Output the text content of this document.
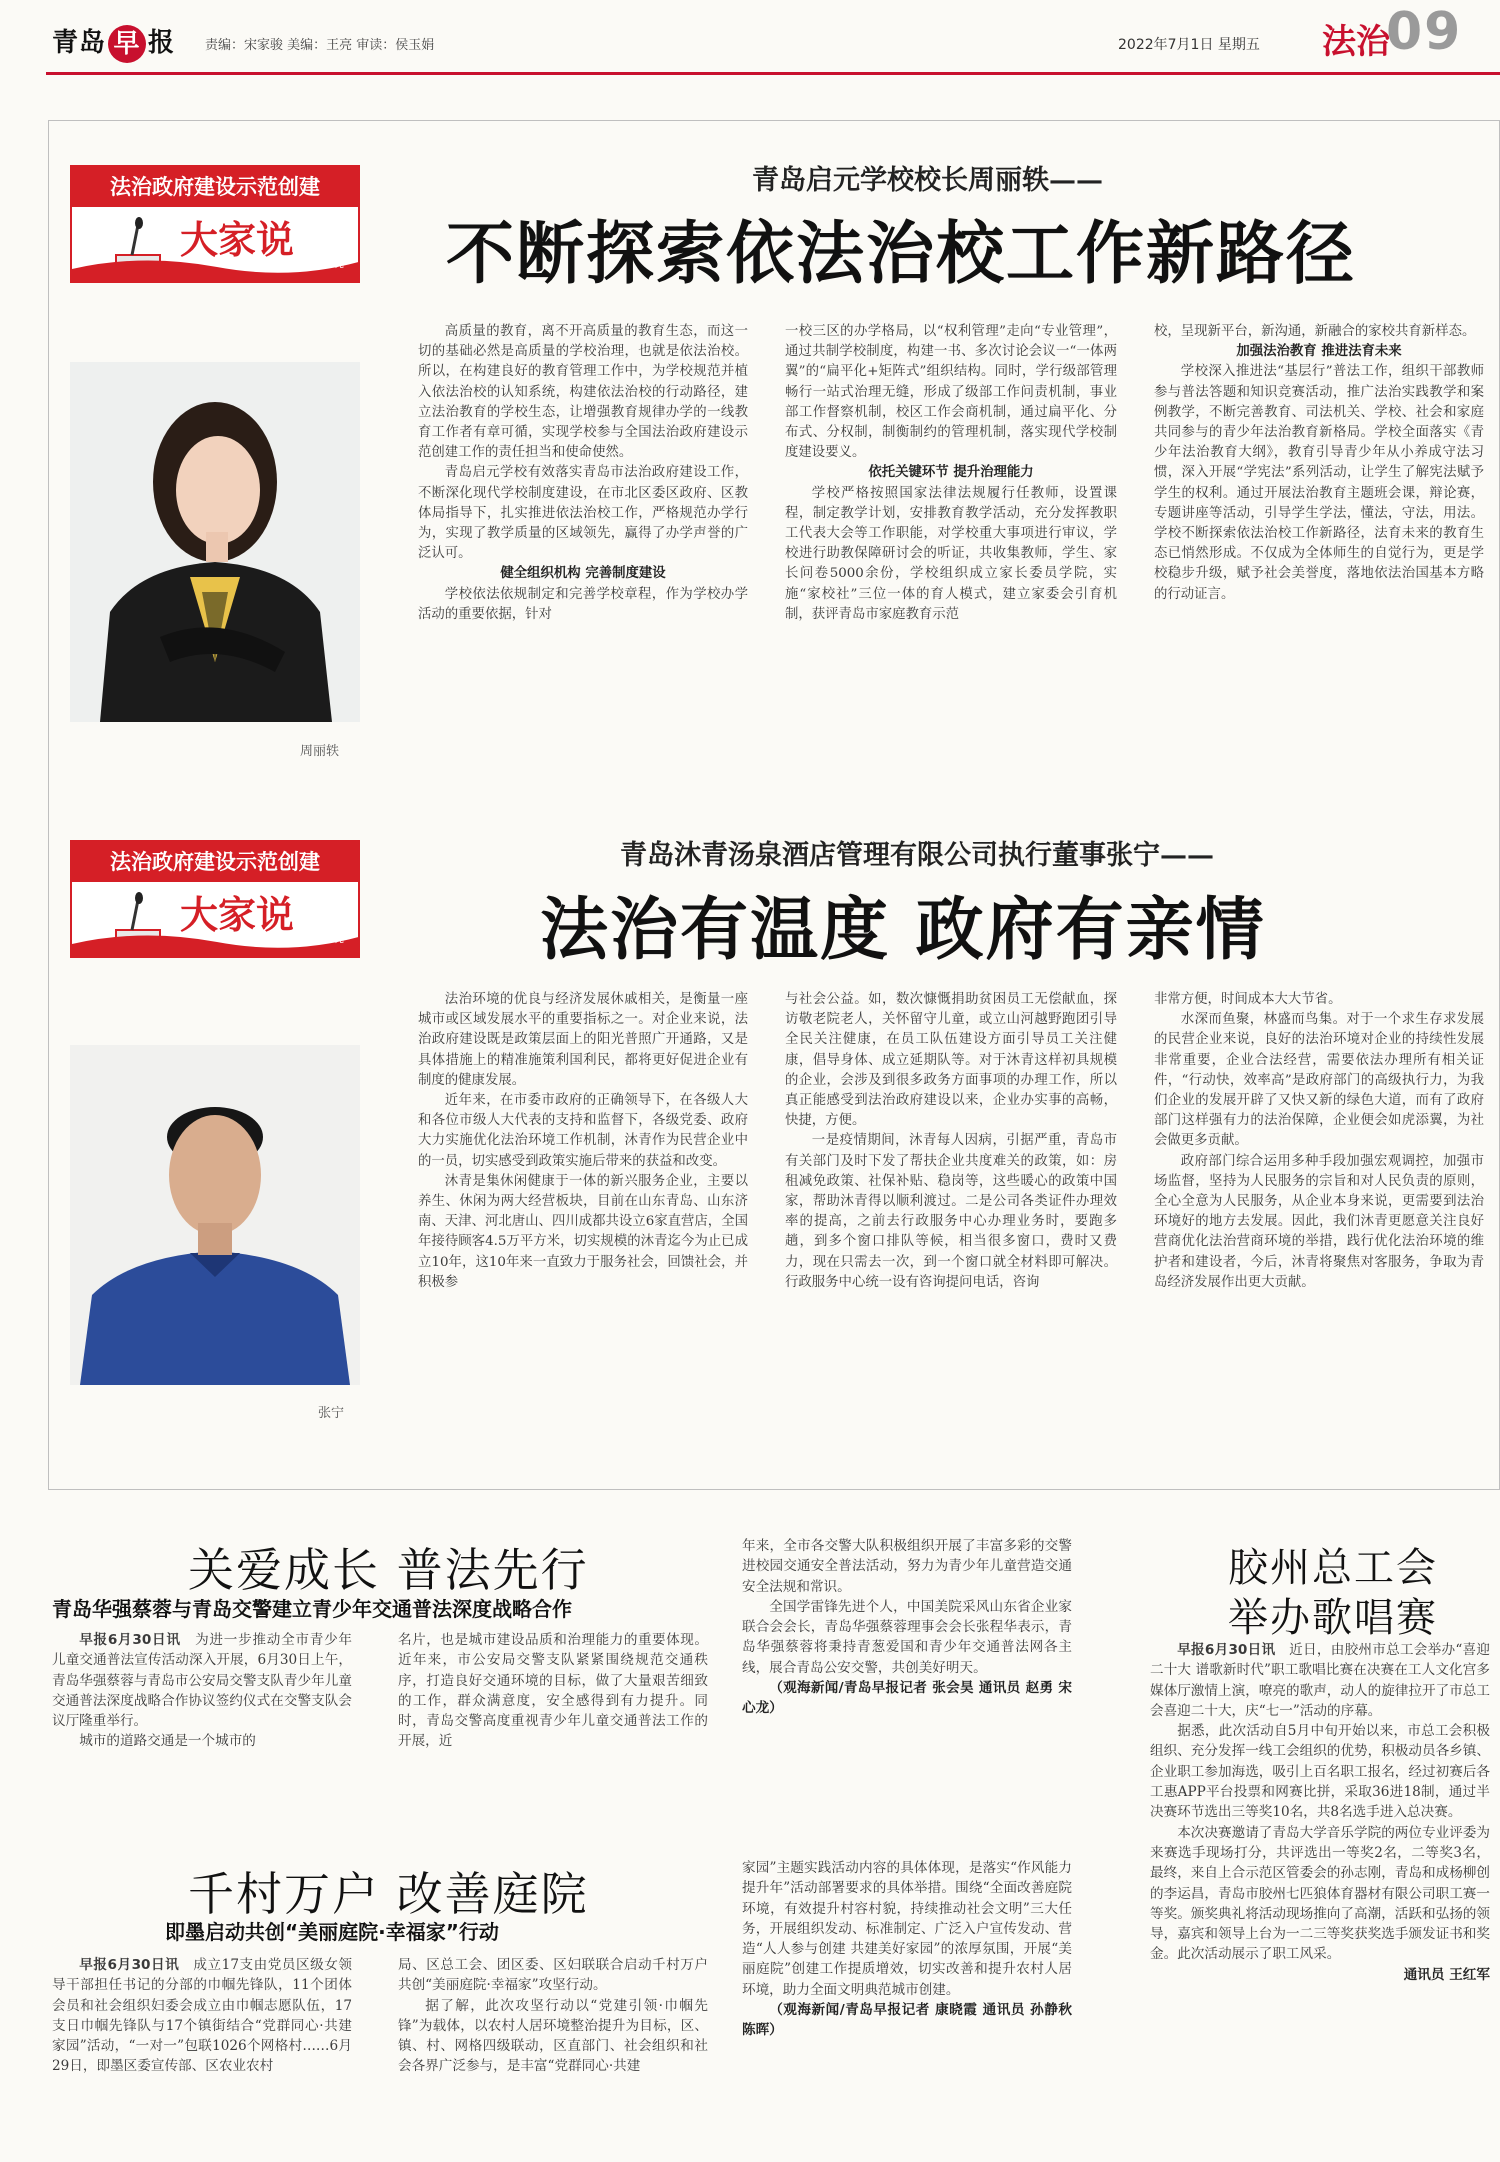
青岛 早 报 责编：宋家骏 美编：王亮 审读：侯玉娟	2022年7月1日 星期五 法治
09
法治政府建设示范创建
大家说
——校长代表说
青岛启元学校校长周丽轶——
不断探索依法治校工作新路径
周丽轶

高质量的教育，离不开高质量的教育生态，而这一切的基础必然是高质量的学校治理，也就是依法治校。所以，在构建良好的教育管理工作中，为学校规范并植入依法治校的认知系统，构建依法治校的行动路径，建立法治教育的学校生态，让增强教育规律办学的一线教育工作者有章可循，实现学校参与全国法治政府建设示范创建工作的责任担当和使命使然。

青岛启元学校有效落实青岛市法治政府建设工作，不断深化现代学校制度建设，在市北区委区政府、区教体局指导下，扎实推进依法治校工作，严格规范办学行为，实现了教学质量的区域领先，赢得了办学声誉的广泛认可。

健全组织机构 完善制度建设

学校依法依规制定和完善学校章程，作为学校办学活动的重要依据，针对

一校三区的办学格局，以“权利管理”走向“专业管理”，通过共制学校制度，构建一书、多次讨论会议一“一体两翼”的“扁平化+矩阵式”组织结构。同时，学行级部管理畅行一站式治理无缝，形成了级部工作问责机制，事业部工作督察机制，校区工作会商机制，通过扁平化、分布式、分权制，制衡制约的管理机制，落实现代学校制度建设要义。

依托关键环节 提升治理能力

学校严格按照国家法律法规履行任教师，设置课程，制定教学计划，安排教育教学活动，充分发挥教职工代表大会等工作职能，对学校重大事项进行审议，学校进行助教保障研讨会的听证，共收集教师，学生、家长问卷5000余份，学校组织成立家长委员学院，实施“家校社”三位一体的育人模式，建立家委会引育机制，获评青岛市家庭教育示范

校，呈现新平台，新沟通，新融合的家校共育新样态。

加强法治教育 推进法育未来

学校深入推进法“基层行”普法工作，组织干部教师参与普法答题和知识竞赛活动，推广法治实践教学和案例教学，不断完善教育、司法机关、学校、社会和家庭共同参与的青少年法治教育新格局。学校全面落实《青少年法治教育大纲》，教育引导青少年从小养成守法习惯，深入开展“学宪法”系列活动，让学生了解宪法赋予学生的权利。通过开展法治教育主题班会课，辩论赛，专题讲座等活动，引导学生学法，懂法，守法，用法。学校不断探索依法治校工作新路径，法育未来的教育生态已悄然形成。不仅成为全体师生的自觉行为，更是学校稳步升级，赋予社会美誉度，落地依法治国基本方略的行动证言。

法治政府建设示范创建
大家说
——企业代表说
青岛沐青汤泉酒店管理有限公司执行董事张宁——
法治有温度 政府有亲情
张宁

法治环境的优良与经济发展休戚相关，是衡量一座城市或区域发展水平的重要指标之一。对企业来说，法治政府建设既是政策层面上的阳光普照广开通路，又是具体措施上的精准施策利国利民，都将更好促进企业有制度的健康发展。

近年来，在市委市政府的正确领导下，在各级人大和各位市级人大代表的支持和监督下，各级党委、政府大力实施优化法治环境工作机制，沐青作为民营企业中的一员，切实感受到政策实施后带来的获益和改变。

沐青是集休闲健康于一体的新兴服务企业，主要以养生、休闲为两大经营板块，目前在山东青岛、山东济南、天津、河北唐山、四川成都共设立6家直营店，全国年接待顾客4.5万平方米，切实规模的沐青迄今为止已成立10年，这10年来一直致力于服务社会，回馈社会，并积极参

与社会公益。如，数次慷慨捐助贫困员工无偿献血，探访敬老院老人，关怀留守儿童，或立山河越野跑团引导全民关注健康，在员工队伍建设方面引导员工关注健康，倡导身体、成立延期队等。对于沐青这样初具规模的企业，会涉及到很多政务方面事项的办理工作，所以真正能感受到法治政府建设以来，企业办实事的高畅，快捷，方便。

一是疫情期间，沐青每人因病，引据严重，青岛市有关部门及时下发了帮扶企业共度难关的政策，如：房租减免政策、社保补贴、稳岗等，这些暖心的政策中国家，帮助沐青得以顺利渡过。二是公司各类证件办理效率的提高，之前去行政服务中心办理业务时，要跑多趟，到多个窗口排队等候，相当很多窗口，费时又费力，现在只需去一次，到一个窗口就全材料即可解决。行政服务中心统一设有咨询提问电话，咨询

非常方便，时间成本大大节省。

水深而鱼聚，林盛而鸟集。对于一个求生存求发展的民营企业来说，良好的法治环境对企业的持续性发展非常重要，企业合法经营，需要依法办理所有相关证件，“行动快，效率高”是政府部门的高级执行力，为我们企业的发展开辟了又快又新的绿色大道，而有了政府部门这样强有力的法治保障，企业便会如虎添翼，为社会做更多贡献。

政府部门综合运用多种手段加强宏观调控，加强市场监督，坚持为人民服务的宗旨和对人民负责的原则，全心全意为人民服务，从企业本身来说，更需要到法治环境好的地方去发展。因此，我们沐青更愿意关注良好营商优化法治营商环境的举措，践行优化法治环境的维护者和建设者，今后，沐青将聚焦对客服务，争取为青岛经济发展作出更大贡献。

关爱成长 普法先行
青岛华强蔡蓉与青岛交警建立青少年交通普法深度战略合作

早报6月30日讯　 为进一步推动全市青少年儿童交通普法宣传活动深入开展，6月30日上午，青岛华强蔡蓉与青岛市公安局交警支队青少年儿童交通普法深度战略合作协议签约仪式在交警支队会议厅隆重举行。

城市的道路交通是一个城市的

名片，也是城市建设品质和治理能力的重要体现。近年来，市公安局交警支队紧紧围绕规范交通秩序，打造良好交通环境的目标，做了大量艰苦细致的工作，群众满意度，安全感得到有力提升。同时，青岛交警高度重视青少年儿童交通普法工作的开展，近

年来，全市各交警大队积极组织开展了丰富多彩的交警进校园交通安全普法活动，努力为青少年儿童营造交通安全法规和常识。

全国学雷锋先进个人，中国美院采风山东省企业家联合会会长，青岛华强蔡蓉理事会会长张程华表示，青岛华强蔡蓉将秉持青葱爱国和青少年交通普法网各主线，展合青岛公安交警，共创美好明天。

（观海新闻/青岛早报记者 张会昊 通讯员 赵勇 宋心龙）

千村万户 改善庭院
即墨启动共创“美丽庭院·幸福家”行动

早报6月30日讯　 成立17支由党员区级女领导干部担任书记的分部的巾帼先锋队，11个团体会员和社会组织妇委会成立由巾帼志愿队伍，17支日巾帼先锋队与17个镇街结合“党群同心·共建家园”活动，“一对一”包联1026个网格村……6月29日，即墨区委宣传部、区农业农村

局、区总工会、团区委、区妇联联合启动千村万户共创“美丽庭院·幸福家”攻坚行动。

据了解，此次攻坚行动以“党建引领·巾帼先锋”为载体，以农村人居环境整治提升为目标，区、镇、村、网格四级联动，区直部门、社会组织和社会各界广泛参与，是丰富“党群同心·共建

家园”主题实践活动内容的具体体现，是落实“作风能力提升年”活动部署要求的具体举措。围绕“全面改善庭院环境，有效提升村容村貌，持续推动社会文明”三大任务，开展组织发动、标准制定、广泛入户宣传发动、营造“人人参与创建 共建美好家园”的浓厚氛围，开展“美丽庭院”创建工作提质增效，切实改善和提升农村人居环境，助力全面文明典范城市创建。

（观海新闻/青岛早报记者 康晓霞 通讯员 孙静秋 陈晖）

胶州总工会
举办歌唱赛

早报6月30日讯　 近日，由胶州市总工会举办“喜迎二十大 谱歌新时代”职工歌唱比赛在决赛在工人文化宫多媒体厅激情上演，嘹亮的歌声，动人的旋律拉开了市总工会喜迎二十大，庆“七一”活动的序幕。

据悉，此次活动自5月中旬开始以来，市总工会积极组织、充分发挥一线工会组织的优势，积极动员各乡镇、企业职工参加海选，吸引上百名职工报名，经过初赛后各工惠APP平台投票和网赛比拼，采取36进18制，通过半决赛环节选出三等奖10名，共8名选手进入总决赛。

本次决赛邀请了青岛大学音乐学院的两位专业评委为来赛选手现场打分，共评选出一等奖2名，二等奖3名，最终，来自上合示范区管委会的孙志刚，青岛和成杨柳创的李运昌，青岛市胶州七匹狼体育器材有限公司职工赛一等奖。颁奖典礼将活动现场推向了高潮，活跃和弘扬的领导，嘉宾和领导上台为一二三等奖获奖选手颁发证书和奖金。此次活动展示了职工风采。

通讯员 王红军
